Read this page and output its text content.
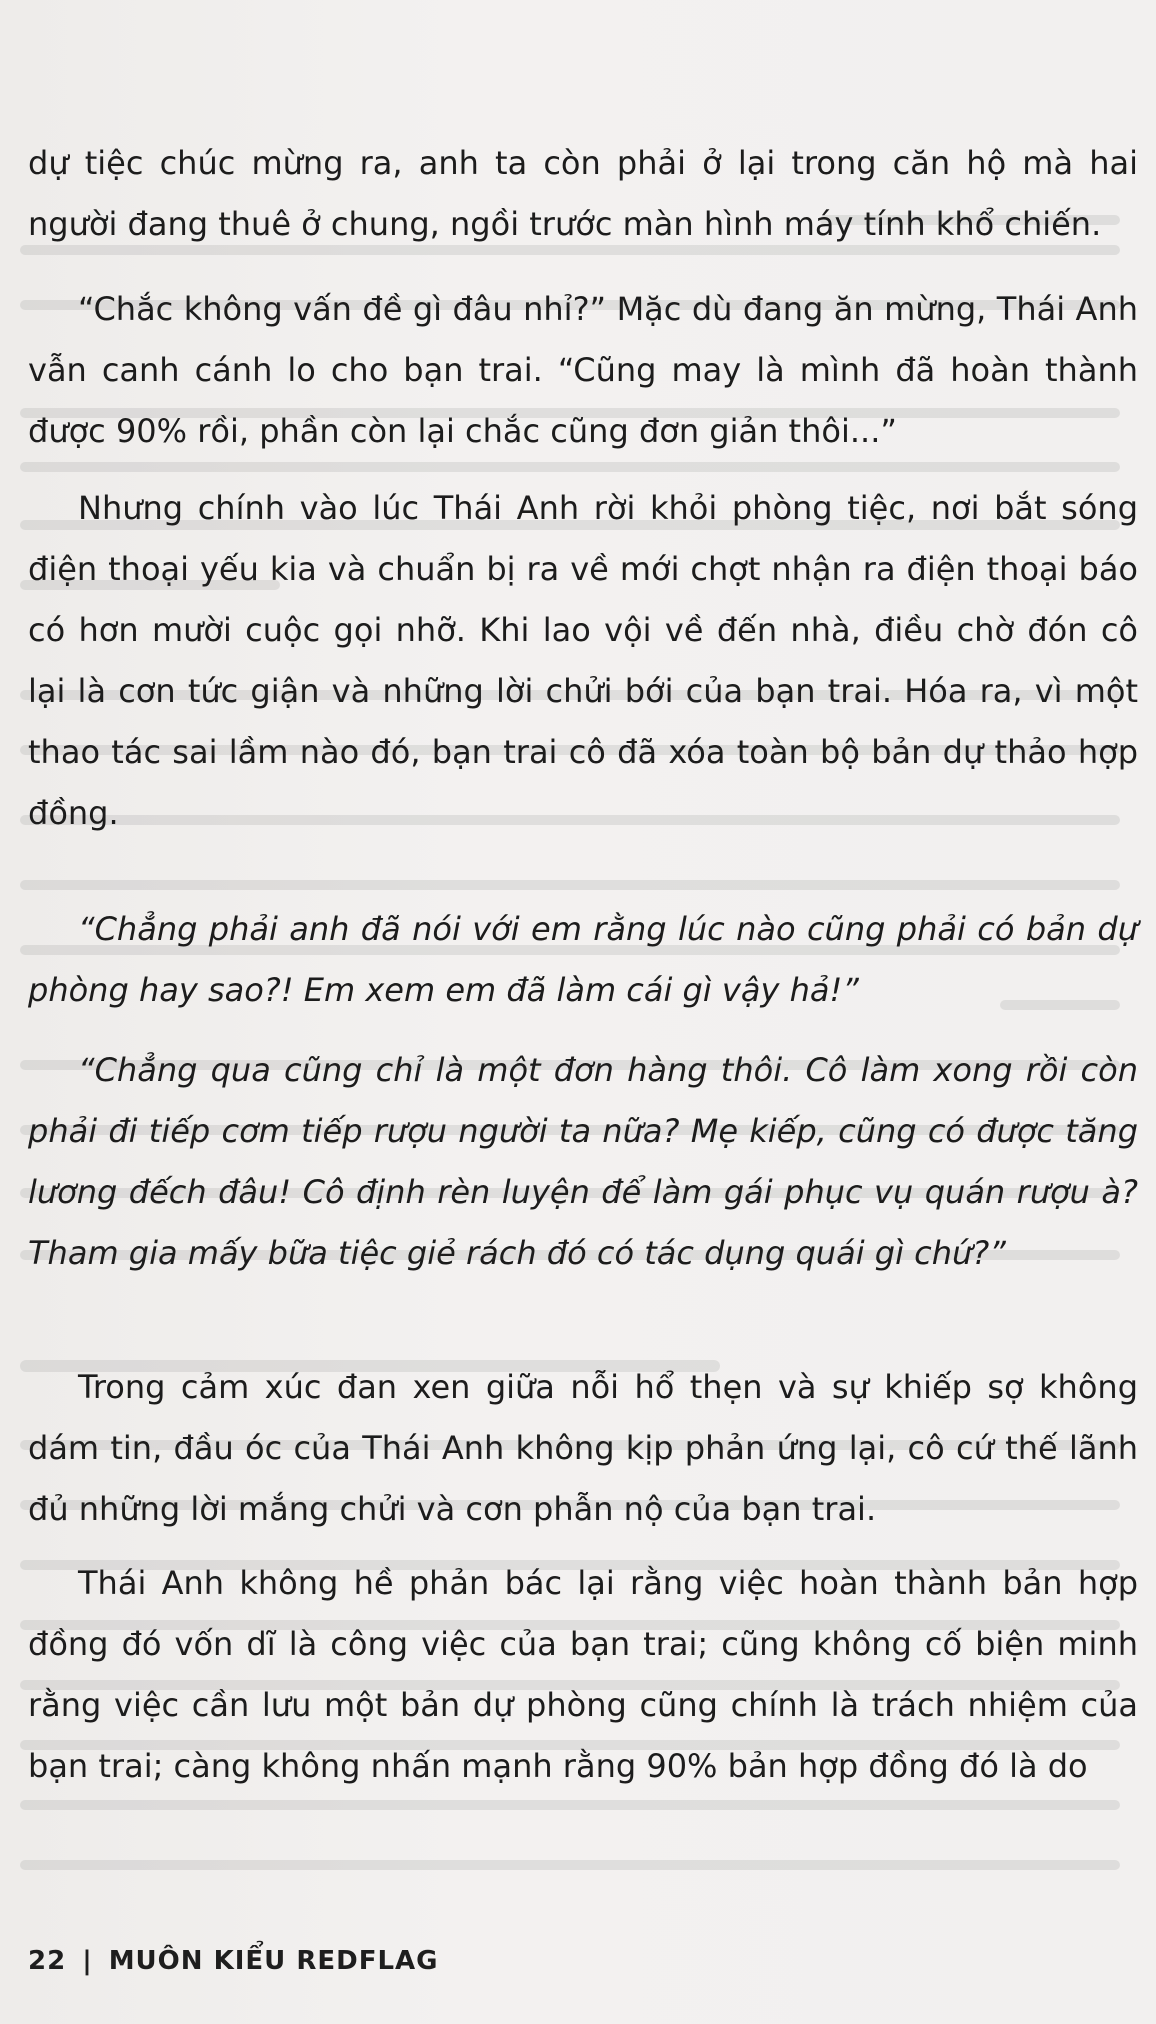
dự tiệc chúc mừng ra, anh ta còn phải ở lại trong căn hộ mà hai người đang thuê ở chung, ngồi trước màn hình máy tính khổ chiến.

“Chắc không vấn đề gì đâu nhỉ?” Mặc dù đang ăn mừng, Thái Anh vẫn canh cánh lo cho bạn trai. “Cũng may là mình đã hoàn thành được 90% rồi, phần còn lại chắc cũng đơn giản thôi...”

Nhưng chính vào lúc Thái Anh rời khỏi phòng tiệc, nơi bắt sóng điện thoại yếu kia và chuẩn bị ra về mới chợt nhận ra điện thoại báo có hơn mười cuộc gọi nhỡ. Khi lao vội về đến nhà, điều chờ đón cô lại là cơn tức giận và những lời chửi bới của bạn trai. Hóa ra, vì một thao tác sai lầm nào đó, bạn trai cô đã xóa toàn bộ bản dự thảo hợp đồng.

“Chẳng phải anh đã nói với em rằng lúc nào cũng phải có bản dự phòng hay sao?! Em xem em đã làm cái gì vậy hả!”

“Chẳng qua cũng chỉ là một đơn hàng thôi. Cô làm xong rồi còn phải đi tiếp cơm tiếp rượu người ta nữa? Mẹ kiếp, cũng có được tăng lương đếch đâu! Cô định rèn luyện để làm gái phục vụ quán rượu à? Tham gia mấy bữa tiệc giẻ rách đó có tác dụng quái gì chứ?”

Trong cảm xúc đan xen giữa nỗi hổ thẹn và sự khiếp sợ không dám tin, đầu óc của Thái Anh không kịp phản ứng lại, cô cứ thế lãnh đủ những lời mắng chửi và cơn phẫn nộ của bạn trai.

Thái Anh không hề phản bác lại rằng việc hoàn thành bản hợp đồng đó vốn dĩ là công việc của bạn trai; cũng không cố biện minh rằng việc cần lưu một bản dự phòng cũng chính là trách nhiệm của bạn trai; càng không nhấn mạnh rằng 90% bản hợp đồng đó là do

22 | MUÔN KIỂU REDFLAG
